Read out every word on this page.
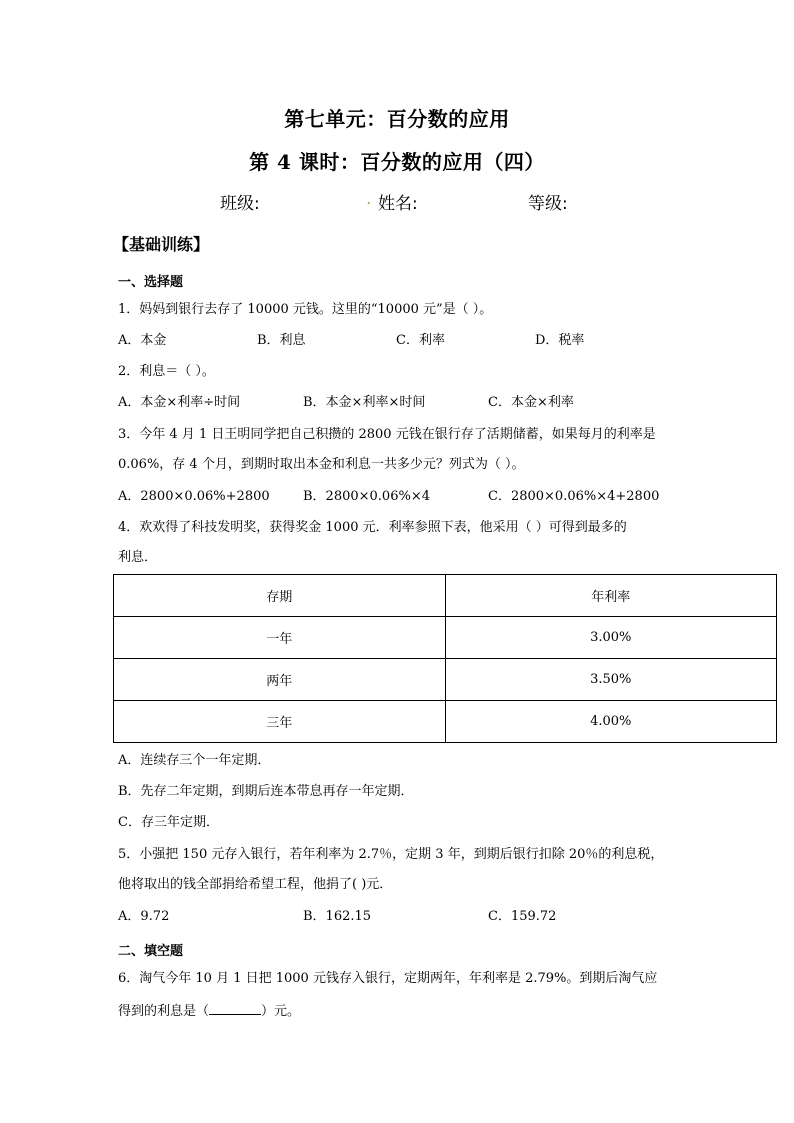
第七单元：百分数的应用
第 4 课时：百分数的应用（四）
班级:	. 姓名:	等级:
【基础训练】
一、选择题
1．妈妈到银行去存了 10000 元钱。这里的“10000 元”是（ ）。
A．本金	B．利息	C．利率	D．税率
2．利息＝（ ）。
A．本金×利率÷时间	B．本金×利率×时间	C．本金×利率
3．今年 4 月 1 日王明同学把自己积攒的 2800 元钱在银行存了活期储蓄，如果每月的利率是
0.06%，存 4 个月，到期时取出本金和利息一共多少元？列式为（ ）。
A．2800×0.06%+2800	B．2800×0.06%×4	C．2800×0.06%×4+2800
4．欢欢得了科技发明奖，获得奖金 1000 元．利率参照下表，他采用（ ）可得到最多的
利息．
存期	年利率
一年	3.00%
两年	3.50%
三年	4.00%
A．连续存三个一年定期．
B．先存二年定期，到期后连本带息再存一年定期．
C．存三年定期．
5．小强把 150 元存入银行，若年利率为 2.7％，定期 3 年，到期后银行扣除 20％的利息税，
他将取出的钱全部捐给希望工程，他捐了( )元．
A．9.72	B．162.15	C．159.72
二、填空题
6．淘气今年 10 月 1 日把 1000 元钱存入银行，定期两年，年利率是 2.79%。到期后淘气应
得到的利息是（	）元。
